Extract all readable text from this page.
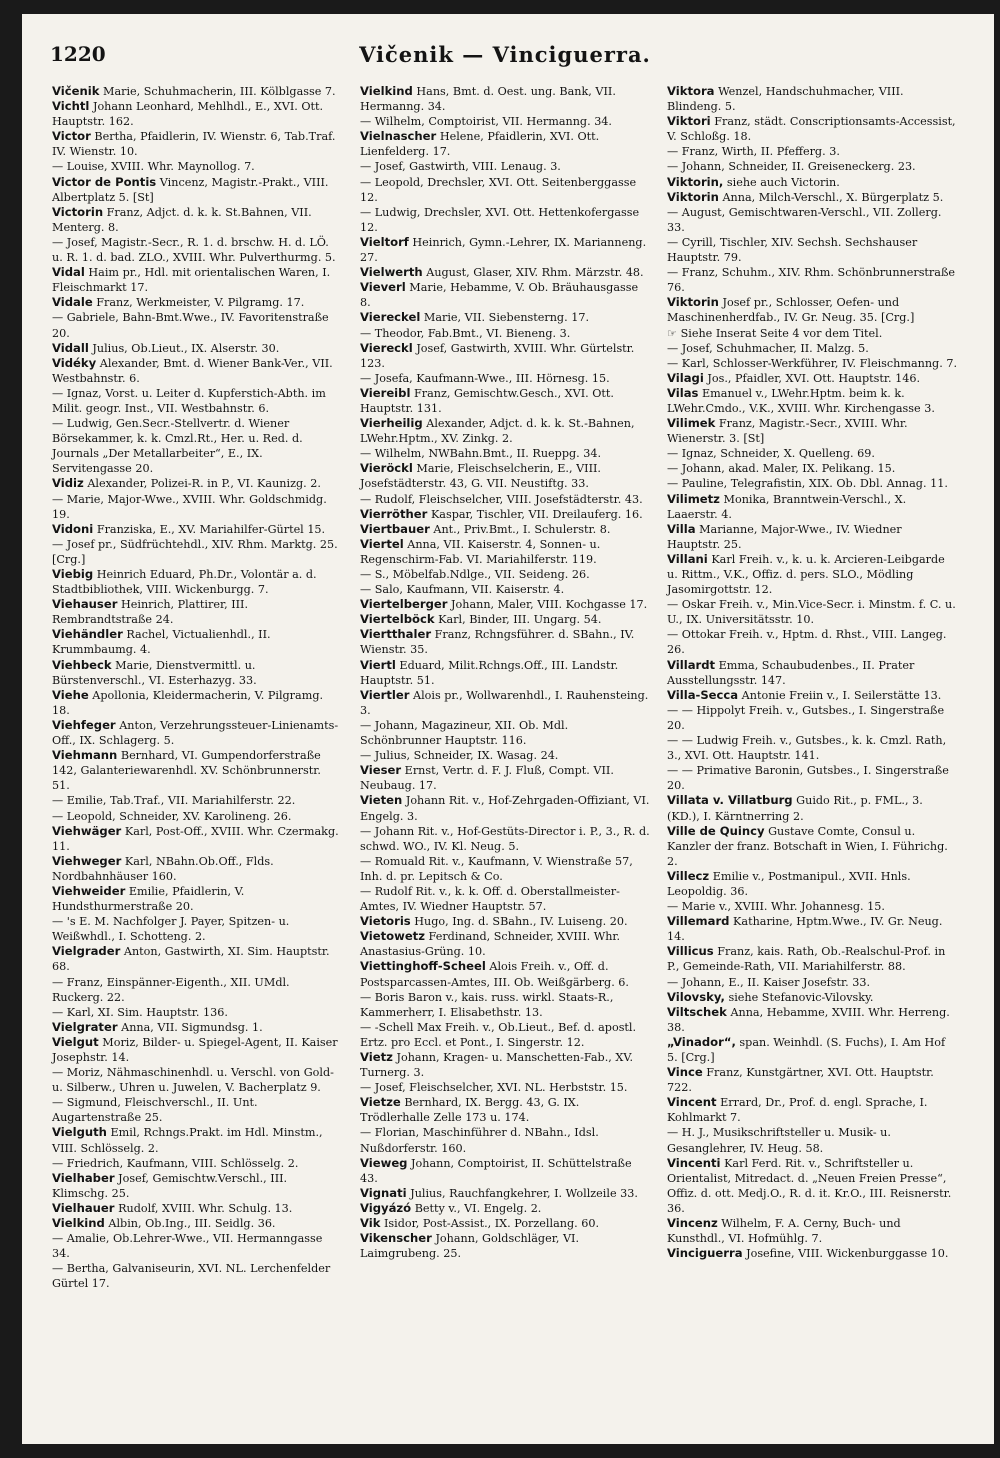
1220	Vičenik — Vinciguerra.

Vičenik Marie, Schuhmacherin, III. Kölblgasse 7.

Vichtl Johann Leonhard, Mehlhdl., E., XVI. Ott. Hauptstr. 162.

Victor Bertha, Pfaidlerin, IV. Wienstr. 6, Tab.Traf. IV. Wienstr. 10.

— Louise, XVIII. Whr. Maynollog. 7.

Victor de Pontis Vincenz, Magistr.-Prakt., VIII. Albertplatz 5. [St]

Victorin Franz, Adjct. d. k. k. St.Bahnen, VII. Menterg. 8.

— Josef, Magistr.-Secr., R. 1. d. brschw. H. d. LÖ. u. R. 1. d. bad. ZLO., XVIII. Whr. Pulverthurmg. 5.

Vidal Haim pr., Hdl. mit orientalischen Waren, I. Fleischmarkt 17.

Vidale Franz, Werkmeister, V. Pilgramg. 17.

— Gabriele, Bahn-Bmt.Wwe., IV. Favoritenstraße 20.

Vidall Julius, Ob.Lieut., IX. Alserstr. 30.

Vidéky Alexander, Bmt. d. Wiener Bank-Ver., VII. Westbahnstr. 6.

— Ignaz, Vorst. u. Leiter d. Kupferstich-Abth. im Milit. geogr. Inst., VII. Westbahnstr. 6.

— Ludwig, Gen.Secr.-Stellvertr. d. Wiener Börsekammer, k. k. Cmzl.Rt., Her. u. Red. d. Journals „Der Metallarbeiter“, E., IX. Servitengasse 20.

Vidiz Alexander, Polizei-R. in P., VI. Kaunizg. 2.

— Marie, Major-Wwe., XVIII. Whr. Goldschmidg. 19.

Vidoni Franziska, E., XV. Mariahilfer-Gürtel 15.

— Josef pr., Südfrüchtehdl., XIV. Rhm. Marktg. 25. [Crg.]

Viebig Heinrich Eduard, Ph.Dr., Volontär a. d. Stadtbibliothek, VIII. Wickenburgg. 7.

Viehauser Heinrich, Plattirer, III. Rembrandtstraße 24.

Viehändler Rachel, Victualienhdl., II. Krummbaumg. 4.

Viehbeck Marie, Dienstvermittl. u. Bürstenverschl., VI. Esterhazyg. 33.

Viehe Apollonia, Kleidermacherin, V. Pilgramg. 18.

Viehfeger Anton, Verzehrungssteuer-Linienamts-Off., IX. Schlagerg. 5.

Viehmann Bernhard, VI. Gumpendorferstraße 142, Galanteriewarenhdl. XV. Schönbrunnerstr. 51.

— Emilie, Tab.Traf., VII. Mariahilferstr. 22.

— Leopold, Schneider, XV. Karolineng. 26.

Viehwäger Karl, Post-Off., XVIII. Whr. Czermakg. 11.

Viehweger Karl, NBahn.Ob.Off., Flds. Nordbahnhäuser 160.

Viehweider Emilie, Pfaidlerin, V. Hundsthurmerstraße 20.

— 's E. M. Nachfolger J. Payer, Spitzen- u. Weißwhdl., I. Schotteng. 2.

Vielgrader Anton, Gastwirth, XI. Sim. Hauptstr. 68.

— Franz, Einspänner-Eigenth., XII. UMdl. Ruckerg. 22.

— Karl, XI. Sim. Hauptstr. 136.

Vielgrater Anna, VII. Sigmundsg. 1.

Vielgut Moriz, Bilder- u. Spiegel-Agent, II. Kaiser Josephstr. 14.

— Moriz, Nähmaschinenhdl. u. Verschl. von Gold- u. Silberw., Uhren u. Juwelen, V. Bacherplatz 9.

— Sigmund, Fleischverschl., II. Unt. Augartenstraße 25.

Vielguth Emil, Rchngs.Prakt. im Hdl. Minstm., VIII. Schlösselg. 2.

— Friedrich, Kaufmann, VIII. Schlösselg. 2.

Vielhaber Josef, Gemischtw.Verschl., III. Klimschg. 25.

Vielhauer Rudolf, XVIII. Whr. Schulg. 13.

Vielkind Albin, Ob.Ing., III. Seidlg. 36.

— Amalie, Ob.Lehrer-Wwe., VII. Hermanngasse 34.

— Bertha, Galvaniseurin, XVI. NL. Lerchenfelder Gürtel 17.

Vielkind Hans, Bmt. d. Oest. ung. Bank, VII. Hermanng. 34.

— Wilhelm, Comptoirist, VII. Hermanng. 34.

Vielnascher Helene, Pfaidlerin, XVI. Ott. Lienfelderg. 17.

— Josef, Gastwirth, VIII. Lenaug. 3.

— Leopold, Drechsler, XVI. Ott. Seitenberggasse 12.

— Ludwig, Drechsler, XVI. Ott. Hettenkofergasse 12.

Vieltorf Heinrich, Gymn.-Lehrer, IX. Marianneng. 27.

Vielwerth August, Glaser, XIV. Rhm. Märzstr. 48.

Vieverl Marie, Hebamme, V. Ob. Bräuhausgasse 8.

Viereckel Marie, VII. Siebensterng. 17.

— Theodor, Fab.Bmt., VI. Bieneng. 3.

Viereckl Josef, Gastwirth, XVIII. Whr. Gürtelstr. 123.

— Josefa, Kaufmann-Wwe., III. Hörnesg. 15.

Viereibl Franz, Gemischtw.Gesch., XVI. Ott. Hauptstr. 131.

Vierheilig Alexander, Adjct. d. k. k. St.-Bahnen, LWehr.Hptm., XV. Zinkg. 2.

— Wilhelm, NWBahn.Bmt., II. Rueppg. 34.

Vieröckl Marie, Fleischselcherin, E., VIII. Josefstädterstr. 43, G. VII. Neustiftg. 33.

— Rudolf, Fleischselcher, VIII. Josefstädterstr. 43.

Vierröther Kaspar, Tischler, VII. Dreilauferg. 16.

Viertbauer Ant., Priv.Bmt., I. Schulerstr. 8.

Viertel Anna, VII. Kaiserstr. 4, Sonnen- u. Regenschirm-Fab. VI. Mariahilferstr. 119.

— S., Möbelfab.Ndlge., VII. Seideng. 26.

— Salo, Kaufmann, VII. Kaiserstr. 4.

Viertelberger Johann, Maler, VIII. Kochgasse 17.

Viertelböck Karl, Binder, III. Ungarg. 54.

Viertthaler Franz, Rchngsführer. d. SBahn., IV. Wienstr. 35.

Viertl Eduard, Milit.Rchngs.Off., III. Landstr. Hauptstr. 51.

Viertler Alois pr., Wollwarenhdl., I. Rauhensteing. 3.

— Johann, Magazineur, XII. Ob. Mdl. Schönbrunner Hauptstr. 116.

— Julius, Schneider, IX. Wasag. 24.

Vieser Ernst, Vertr. d. F. J. Fluß, Compt. VII. Neubaug. 17.

Vieten Johann Rit. v., Hof-Zehrgaden-Offiziant, VI. Engelg. 3.

— Johann Rit. v., Hof-Gestüts-Director i. P., 3., R. d. schwd. WO., IV. Kl. Neug. 5.

— Romuald Rit. v., Kaufmann, V. Wienstraße 57, Inh. d. pr. Lepitsch & Co.

— Rudolf Rit. v., k. k. Off. d. Oberstallmeister-Amtes, IV. Wiedner Hauptstr. 57.

Vietoris Hugo, Ing. d. SBahn., IV. Luiseng. 20.

Vietowetz Ferdinand, Schneider, XVIII. Whr. Anastasius-Grüng. 10.

Viettinghoff-Scheel Alois Freih. v., Off. d. Postsparcassen-Amtes, III. Ob. Weißgärberg. 6.

— Boris Baron v., kais. russ. wirkl. Staats-R., Kammerherr, I. Elisabethstr. 13.

— -Schell Max Freih. v., Ob.Lieut., Bef. d. apostl. Ertz. pro Eccl. et Pont., I. Singerstr. 12.

Vietz Johann, Kragen- u. Manschetten-Fab., XV. Turnerg. 3.

— Josef, Fleischselcher, XVI. NL. Herbststr. 15.

Vietze Bernhard, IX. Bergg. 43, G. IX. Trödlerhalle Zelle 173 u. 174.

— Florian, Maschinführer d. NBahn., Idsl. Nußdorferstr. 160.

Vieweg Johann, Comptoirist, II. Schüttelstraße 43.

Vignati Julius, Rauchfangkehrer, I. Wollzeile 33.

Vigyázó Betty v., VI. Engelg. 2.

Vik Isidor, Post-Assist., IX. Porzellang. 60.

Vikenscher Johann, Goldschläger, VI. Laimgrubeng. 25.

Viktora Wenzel, Handschuhmacher, VIII. Blindeng. 5.

Viktori Franz, städt. Conscriptionsamts-Accessist, V. Schloßg. 18.

— Franz, Wirth, II. Pfefferg. 3.

— Johann, Schneider, II. Greiseneckerg. 23.

Viktorin, siehe auch Victorin.

Viktorin Anna, Milch-Verschl., X. Bürgerplatz 5.

— August, Gemischtwaren-Verschl., VII. Zollerg. 33.

— Cyrill, Tischler, XIV. Sechsh. Sechshauser Hauptstr. 79.

— Franz, Schuhm., XIV. Rhm. Schönbrunnerstraße 76.

Viktorin Josef pr., Schlosser, Oefen- und Maschinenherdfab., IV. Gr. Neug. 35. [Crg.]

☞ Siehe Inserat Seite 4 vor dem Titel.

— Josef, Schuhmacher, II. Malzg. 5.

— Karl, Schlosser-Werkführer, IV. Fleischmanng. 7.

Vilagi Jos., Pfaidler, XVI. Ott. Hauptstr. 146.

Vilas Emanuel v., LWehr.Hptm. beim k. k. LWehr.Cmdo., V.K., XVIII. Whr. Kirchengasse 3.

Vilimek Franz, Magistr.-Secr., XVIII. Whr. Wienerstr. 3. [St]

— Ignaz, Schneider, X. Quelleng. 69.

— Johann, akad. Maler, IX. Pelikang. 15.

— Pauline, Telegrafistin, XIX. Ob. Dbl. Annag. 11.

Vilimetz Monika, Branntwein-Verschl., X. Laaerstr. 4.

Villa Marianne, Major-Wwe., IV. Wiedner Hauptstr. 25.

Villani Karl Freih. v., k. u. k. Arcieren-Leibgarde u. Rittm., V.K., Offiz. d. pers. SLO., Mödling Jasomirgottstr. 12.

— Oskar Freih. v., Min.Vice-Secr. i. Minstm. f. C. u. U., IX. Universitätsstr. 10.

— Ottokar Freih. v., Hptm. d. Rhst., VIII. Langeg. 26.

Villardt Emma, Schaubudenbes., II. Prater Ausstellungsstr. 147.

Villa-Secca Antonie Freiin v., I. Seilerstätte 13.

— — Hippolyt Freih. v., Gutsbes., I. Singerstraße 20.

— — Ludwig Freih. v., Gutsbes., k. k. Cmzl. Rath, 3., XVI. Ott. Hauptstr. 141.

— — Primative Baronin, Gutsbes., I. Singerstraße 20.

Villata v. Villatburg Guido Rit., p. FML., 3. (KD.), I. Kärntnerring 2.

Ville de Quincy Gustave Comte, Consul u. Kanzler der franz. Botschaft in Wien, I. Führichg. 2.

Villecz Emilie v., Postmanipul., XVII. Hnls. Leopoldig. 36.

— Marie v., XVIII. Whr. Johannesg. 15.

Villemard Katharine, Hptm.Wwe., IV. Gr. Neug. 14.

Villicus Franz, kais. Rath, Ob.-Realschul-Prof. in P., Gemeinde-Rath, VII. Mariahilferstr. 88.

— Johann, E., II. Kaiser Josefstr. 33.

Vilovsky, siehe Stefanovic-Vilovsky.

Viltschek Anna, Hebamme, XVIII. Whr. Herreng. 38.

„Vinador“, span. Weinhdl. (S. Fuchs), I. Am Hof 5. [Crg.]

Vince Franz, Kunstgärtner, XVI. Ott. Hauptstr. 722.

Vincent Errard, Dr., Prof. d. engl. Sprache, I. Kohlmarkt 7.

— H. J., Musikschriftsteller u. Musik- u. Gesanglehrer, IV. Heug. 58.

Vincenti Karl Ferd. Rit. v., Schriftsteller u. Orientalist, Mitredact. d. „Neuen Freien Presse“, Offiz. d. ott. Medj.O., R. d. it. Kr.O., III. Reisnerstr. 36.

Vincenz Wilhelm, F. A. Cerny, Buch- und Kunsthdl., VI. Hofmühlg. 7.

Vinciguerra Josefine, VIII. Wickenburggasse 10.
